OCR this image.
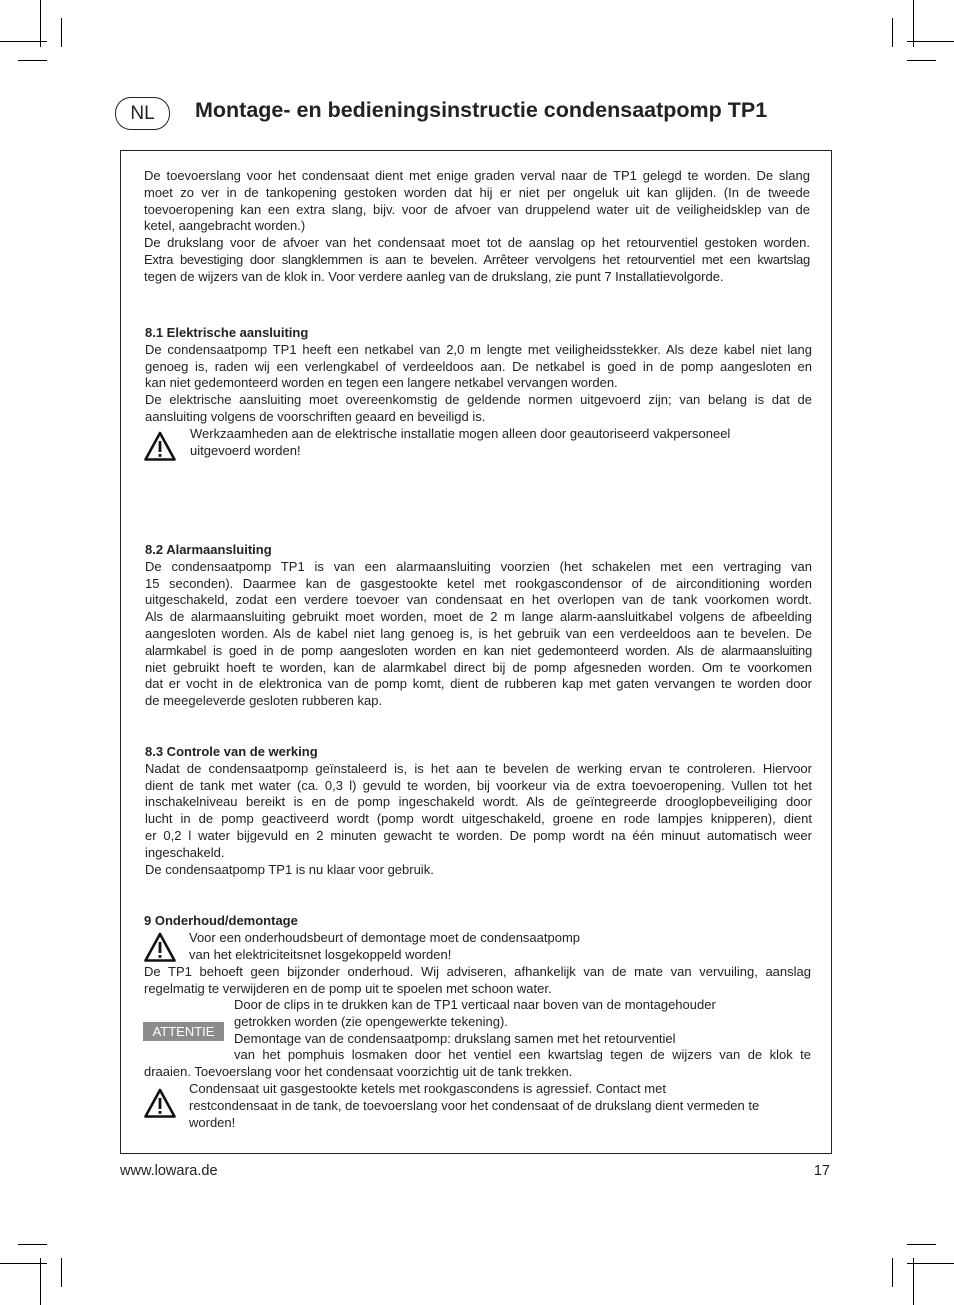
NL	Montage- en bedieningsinstructie condensaatpomp TP1
De toevoerslang voor het condensaat dient met enige graden verval naar de TP1 gelegd te worden. De slang
moet zo ver in de tankopening gestoken worden dat hij er niet per ongeluk uit kan glijden. (In de tweede
toevoeropening kan een extra slang, bijv. voor de afvoer van druppelend water uit de veiligheidsklep van de
ketel, aangebracht worden.)
De drukslang voor de afvoer van het condensaat moet tot de aanslag op het retourventiel gestoken worden.
Extra bevestiging door slangklemmen is aan te bevelen. Arrêteer vervolgens het retourventiel met een kwartslag
tegen de wijzers van de klok in. Voor verdere aanleg van de drukslang, zie punt 7 Installatievolgorde.
8.1 Elektrische aansluiting
De condensaatpomp TP1 heeft een netkabel van 2,0 m lengte met veiligheidsstekker. Als deze kabel niet lang
genoeg is, raden wij een verlengkabel of verdeeldoos aan. De netkabel is goed in de pomp aangesloten en
kan niet gedemonteerd worden en tegen een langere netkabel vervangen worden.
De elektrische aansluiting moet overeenkomstig de geldende normen uitgevoerd zijn; van belang is dat de
aansluiting volgens de voorschriften geaard en beveiligd is.
Werkzaamheden aan de elektrische installatie mogen alleen door geautoriseerd vakpersoneel
uitgevoerd worden!
8.2 Alarmaansluiting
De condensaatpomp TP1 is van een alarmaansluiting voorzien (het schakelen met een vertraging van
15 seconden). Daarmee kan de gasgestookte ketel met rookgascondensor of de airconditioning worden
uitgeschakeld, zodat een verdere toevoer van condensaat en het overlopen van de tank voorkomen wordt.
Als de alarmaansluiting gebruikt moet worden, moet de 2 m lange alarm-aansluitkabel volgens de afbeelding
aangesloten worden. Als de kabel niet lang genoeg is, is het gebruik van een verdeeldoos aan te bevelen. De
alarmkabel is goed in de pomp aangesloten worden en kan niet gedemonteerd worden. Als de alarmaansluiting
niet gebruikt hoeft te worden, kan de alarmkabel direct bij de pomp afgesneden worden. Om te voorkomen
dat er vocht in de elektronica van de pomp komt, dient de rubberen kap met gaten vervangen te worden door
de meegeleverde gesloten rubberen kap.
8.3 Controle van de werking
Nadat de condensaatpomp geïnstaleerd is, is het aan te bevelen de werking ervan te controleren. Hiervoor
dient de tank met water (ca. 0,3 l) gevuld te worden, bij voorkeur via de extra toevoeropening. Vullen tot het
inschakelniveau bereikt is en de pomp ingeschakeld wordt. Als de geïntegreerde drooglopbeveiliging door
lucht in de pomp geactiveerd wordt (pomp wordt uitgeschakeld, groene en rode lampjes knipperen), dient
er 0,2 l water bijgevuld en 2 minuten gewacht te worden. De pomp wordt na één minuut automatisch weer
ingeschakeld.
De condensaatpomp TP1 is nu klaar voor gebruik.
9 Onderhoud/demontage
Voor een onderhoudsbeurt of demontage moet de condensaatpomp
van het elektriciteitsnet losgekoppeld worden!
De TP1 behoeft geen bijzonder onderhoud. Wij adviseren, afhankelijk van de mate van vervuiling, aanslag
regelmatig te verwijderen en de pomp uit te spoelen met schoon water.
ATTENTIE
Door de clips in te drukken kan de TP1 verticaal naar boven van de montagehouder
getrokken worden (zie opengewerkte tekening).
Demontage van de condensaatpomp: drukslang samen met het retourventiel
van het pomphuis losmaken door het ventiel een kwartslag tegen de wijzers van de klok te
draaien. Toevoerslang voor het condensaat voorzichtig uit de tank trekken.
Condensaat uit gasgestookte ketels met rookgascondens is agressief. Contact met
restcondensaat in de tank, de toevoerslang voor het condensaat of de drukslang dient vermeden te
worden!
www.lowara.de	17
